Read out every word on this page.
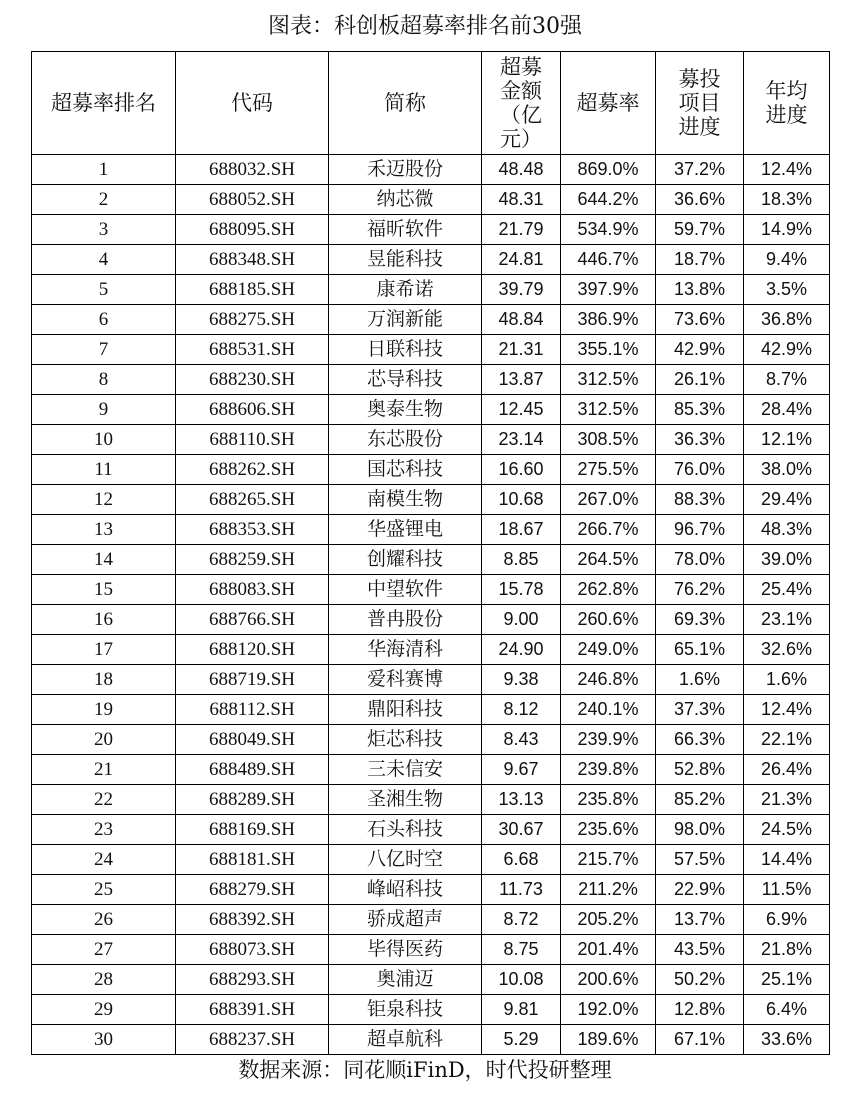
图表：科创板超募率排名前30强
超募率排名	代码	简称	超募金额（亿元）	超募率	募投项目进度	年均进度
1	688032.SH	禾迈股份	48.48	869.0%	37.2%	12.4%
2	688052.SH	纳芯微	48.31	644.2%	36.6%	18.3%
3	688095.SH	福昕软件	21.79	534.9%	59.7%	14.9%
4	688348.SH	昱能科技	24.81	446.7%	18.7%	9.4%
5	688185.SH	康希诺	39.79	397.9%	13.8%	3.5%
6	688275.SH	万润新能	48.84	386.9%	73.6%	36.8%
7	688531.SH	日联科技	21.31	355.1%	42.9%	42.9%
8	688230.SH	芯导科技	13.87	312.5%	26.1%	8.7%
9	688606.SH	奥泰生物	12.45	312.5%	85.3%	28.4%
10	688110.SH	东芯股份	23.14	308.5%	36.3%	12.1%
11	688262.SH	国芯科技	16.60	275.5%	76.0%	38.0%
12	688265.SH	南模生物	10.68	267.0%	88.3%	29.4%
13	688353.SH	华盛锂电	18.67	266.7%	96.7%	48.3%
14	688259.SH	创耀科技	8.85	264.5%	78.0%	39.0%
15	688083.SH	中望软件	15.78	262.8%	76.2%	25.4%
16	688766.SH	普冉股份	9.00	260.6%	69.3%	23.1%
17	688120.SH	华海清科	24.90	249.0%	65.1%	32.6%
18	688719.SH	爱科赛博	9.38	246.8%	1.6%	1.6%
19	688112.SH	鼎阳科技	8.12	240.1%	37.3%	12.4%
20	688049.SH	炬芯科技	8.43	239.9%	66.3%	22.1%
21	688489.SH	三未信安	9.67	239.8%	52.8%	26.4%
22	688289.SH	圣湘生物	13.13	235.8%	85.2%	21.3%
23	688169.SH	石头科技	30.67	235.6%	98.0%	24.5%
24	688181.SH	八亿时空	6.68	215.7%	57.5%	14.4%
25	688279.SH	峰岹科技	11.73	211.2%	22.9%	11.5%
26	688392.SH	骄成超声	8.72	205.2%	13.7%	6.9%
27	688073.SH	毕得医药	8.75	201.4%	43.5%	21.8%
28	688293.SH	奥浦迈	10.08	200.6%	50.2%	25.1%
29	688391.SH	钜泉科技	9.81	192.0%	12.8%	6.4%
30	688237.SH	超卓航科	5.29	189.6%	67.1%	33.6%
数据来源：同花顺iFinD，时代投研整理
